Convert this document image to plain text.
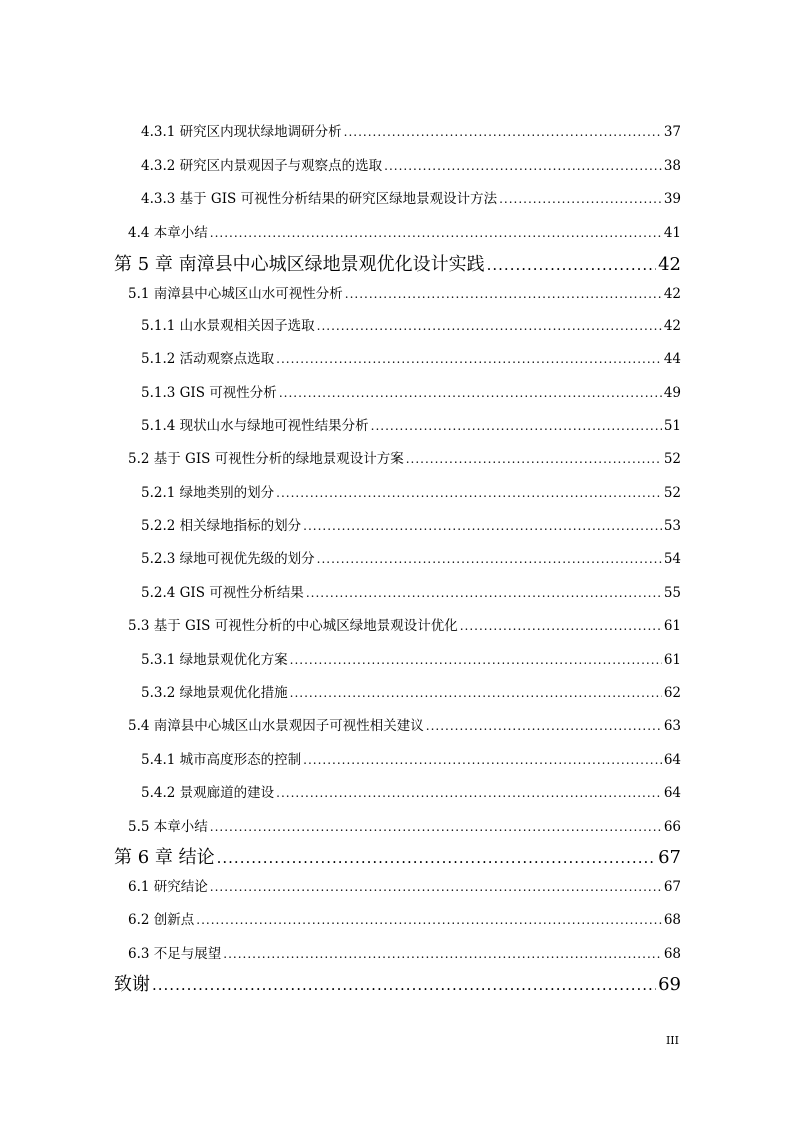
4.3.1 研究区内现状绿地调研分析 .....	37
4.3.2 研究区内景观因子与观察点的选取 .....	38
4.3.3 基于 GIS 可视性分析结果的研究区绿地景观设计方法 .....	39
4.4 本章小结 .....	41
第 5 章 南漳县中心城区绿地景观优化设计实践 .....	42
5.1 南漳县中心城区山水可视性分析 .....	42
5.1.1 山水景观相关因子选取 .....	42
5.1.2 活动观察点选取 .....	44
5.1.3 GIS 可视性分析 .....	49
5.1.4 现状山水与绿地可视性结果分析 .....	51
5.2 基于 GIS 可视性分析的绿地景观设计方案 .....	52
5.2.1 绿地类别的划分 .....	52
5.2.2 相关绿地指标的划分 .....	53
5.2.3 绿地可视优先级的划分 .....	54
5.2.4 GIS 可视性分析结果 .....	55
5.3 基于 GIS 可视性分析的中心城区绿地景观设计优化 .....	61
5.3.1 绿地景观优化方案 .....	61
5.3.2 绿地景观优化措施 .....	62
5.4 南漳县中心城区山水景观因子可视性相关建议 .....	63
5.4.1 城市高度形态的控制 .....	64
5.4.2 景观廊道的建设 .....	64
5.5 本章小结 .....	66
第 6 章 结论 .....	67
6.1 研究结论 .....	67
6.2 创新点 .....	68
6.3 不足与展望 .....	68
致谢 .....	69
III
